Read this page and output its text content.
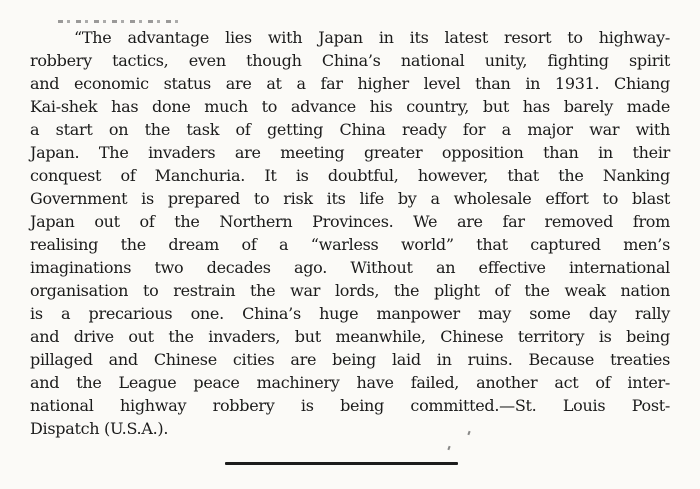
“The advantage lies with Japan in its latest resort to highway-
robbery tactics, even though China’s national unity, fighting spirit
and economic status are at a far higher level than in 1931. Chiang
Kai-shek has done much to advance his country, but has barely made
a start on the task of getting China ready for a major war with
Japan. The invaders are meeting greater opposition than in their
conquest of Manchuria. It is doubtful, however, that the Nanking
Government is prepared to risk its life by a wholesale effort to blast
Japan out of the Northern Provinces. We are far removed from
realising the dream of a “warless world” that captured men’s
imaginations two decades ago. Without an effective international
organisation to restrain the war lords, the plight of the weak nation
is a precarious one. China’s huge manpower may some day rally
and drive out the invaders, but meanwhile, Chinese territory is being
pillaged and Chinese cities are being laid in ruins. Because treaties
and the League peace machinery have failed, another act of inter-
national highway robbery is being committed.—St. Louis Post-
Dispatch (U.S.A.).
